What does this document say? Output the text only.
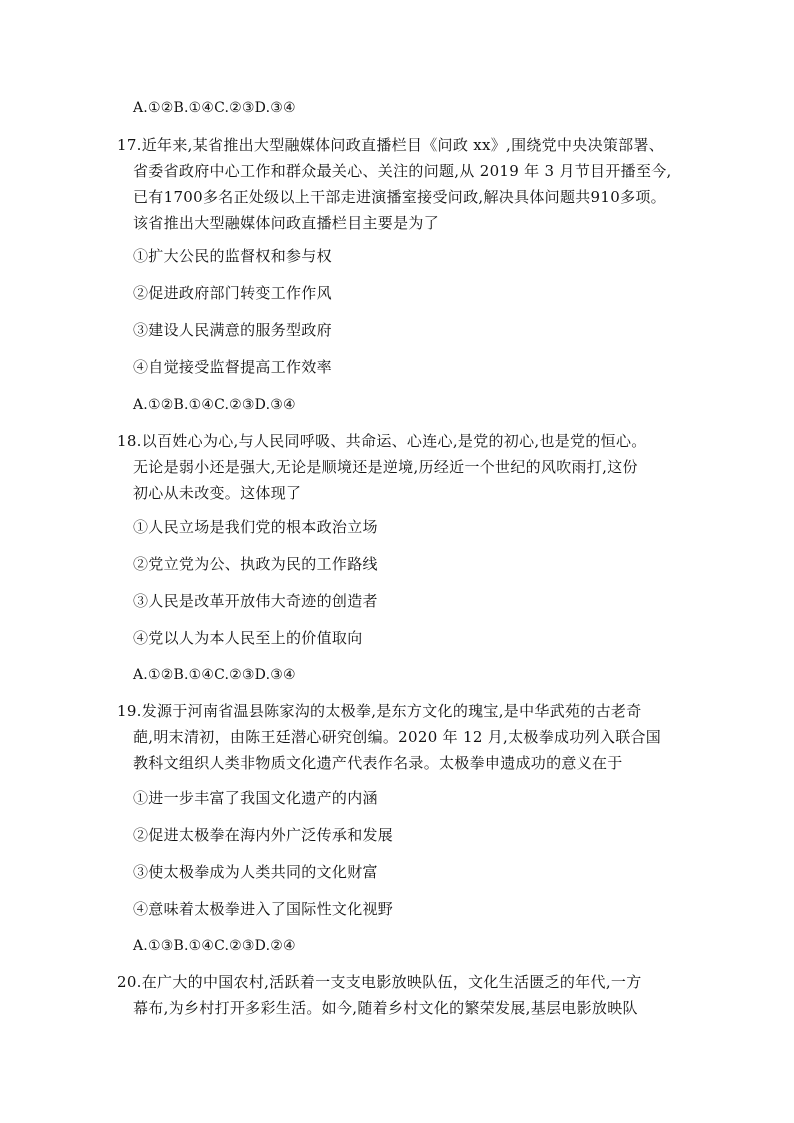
A.①②B.①④C.②③D.③④
17.近年来,某省推出大型融媒体问政直播栏目《问政 xx》,围绕党中央决策部署、
省委省政府中心工作和群众最关心、关注的问题,从 2019 年 3 月节目开播至今,
已有1700多名正处级以上干部走进演播室接受问政,解决具体问题共910多项。
该省推出大型融媒体问政直播栏目主要是为了
①扩大公民的监督权和参与权
②促进政府部门转变工作作风
③建设人民满意的服务型政府
④自觉接受监督提高工作效率
A.①②B.①④C.②③D.③④
18.以百姓心为心,与人民同呼吸、共命运、心连心,是党的初心,也是党的恒心。
无论是弱小还是强大,无论是顺境还是逆境,历经近一个世纪的风吹雨打,这份
初心从未改变。这体现了
①人民立场是我们党的根本政治立场
②党立党为公、执政为民的工作路线
③人民是改革开放伟大奇迹的创造者
④党以人为本人民至上的价值取向
A.①②B.①④C.②③D.③④
19.发源于河南省温县陈家沟的太极拳,是东方文化的瑰宝,是中华武苑的古老奇
葩,明末清初，由陈王廷潜心研究创编。2020 年 12 月,太极拳成功列入联合国
教科文组织人类非物质文化遗产代表作名录。太极拳申遗成功的意义在于
①进一步丰富了我国文化遗产的内涵
②促进太极拳在海内外广泛传承和发展
③使太极拳成为人类共同的文化财富
④意味着太极拳进入了国际性文化视野
A.①③B.①④C.②③D.②④
20.在广大的中国农村,活跃着一支支电影放映队伍，文化生活匮乏的年代,一方
幕布,为乡村打开多彩生活。如今,随着乡村文化的繁荣发展,基层电影放映队
